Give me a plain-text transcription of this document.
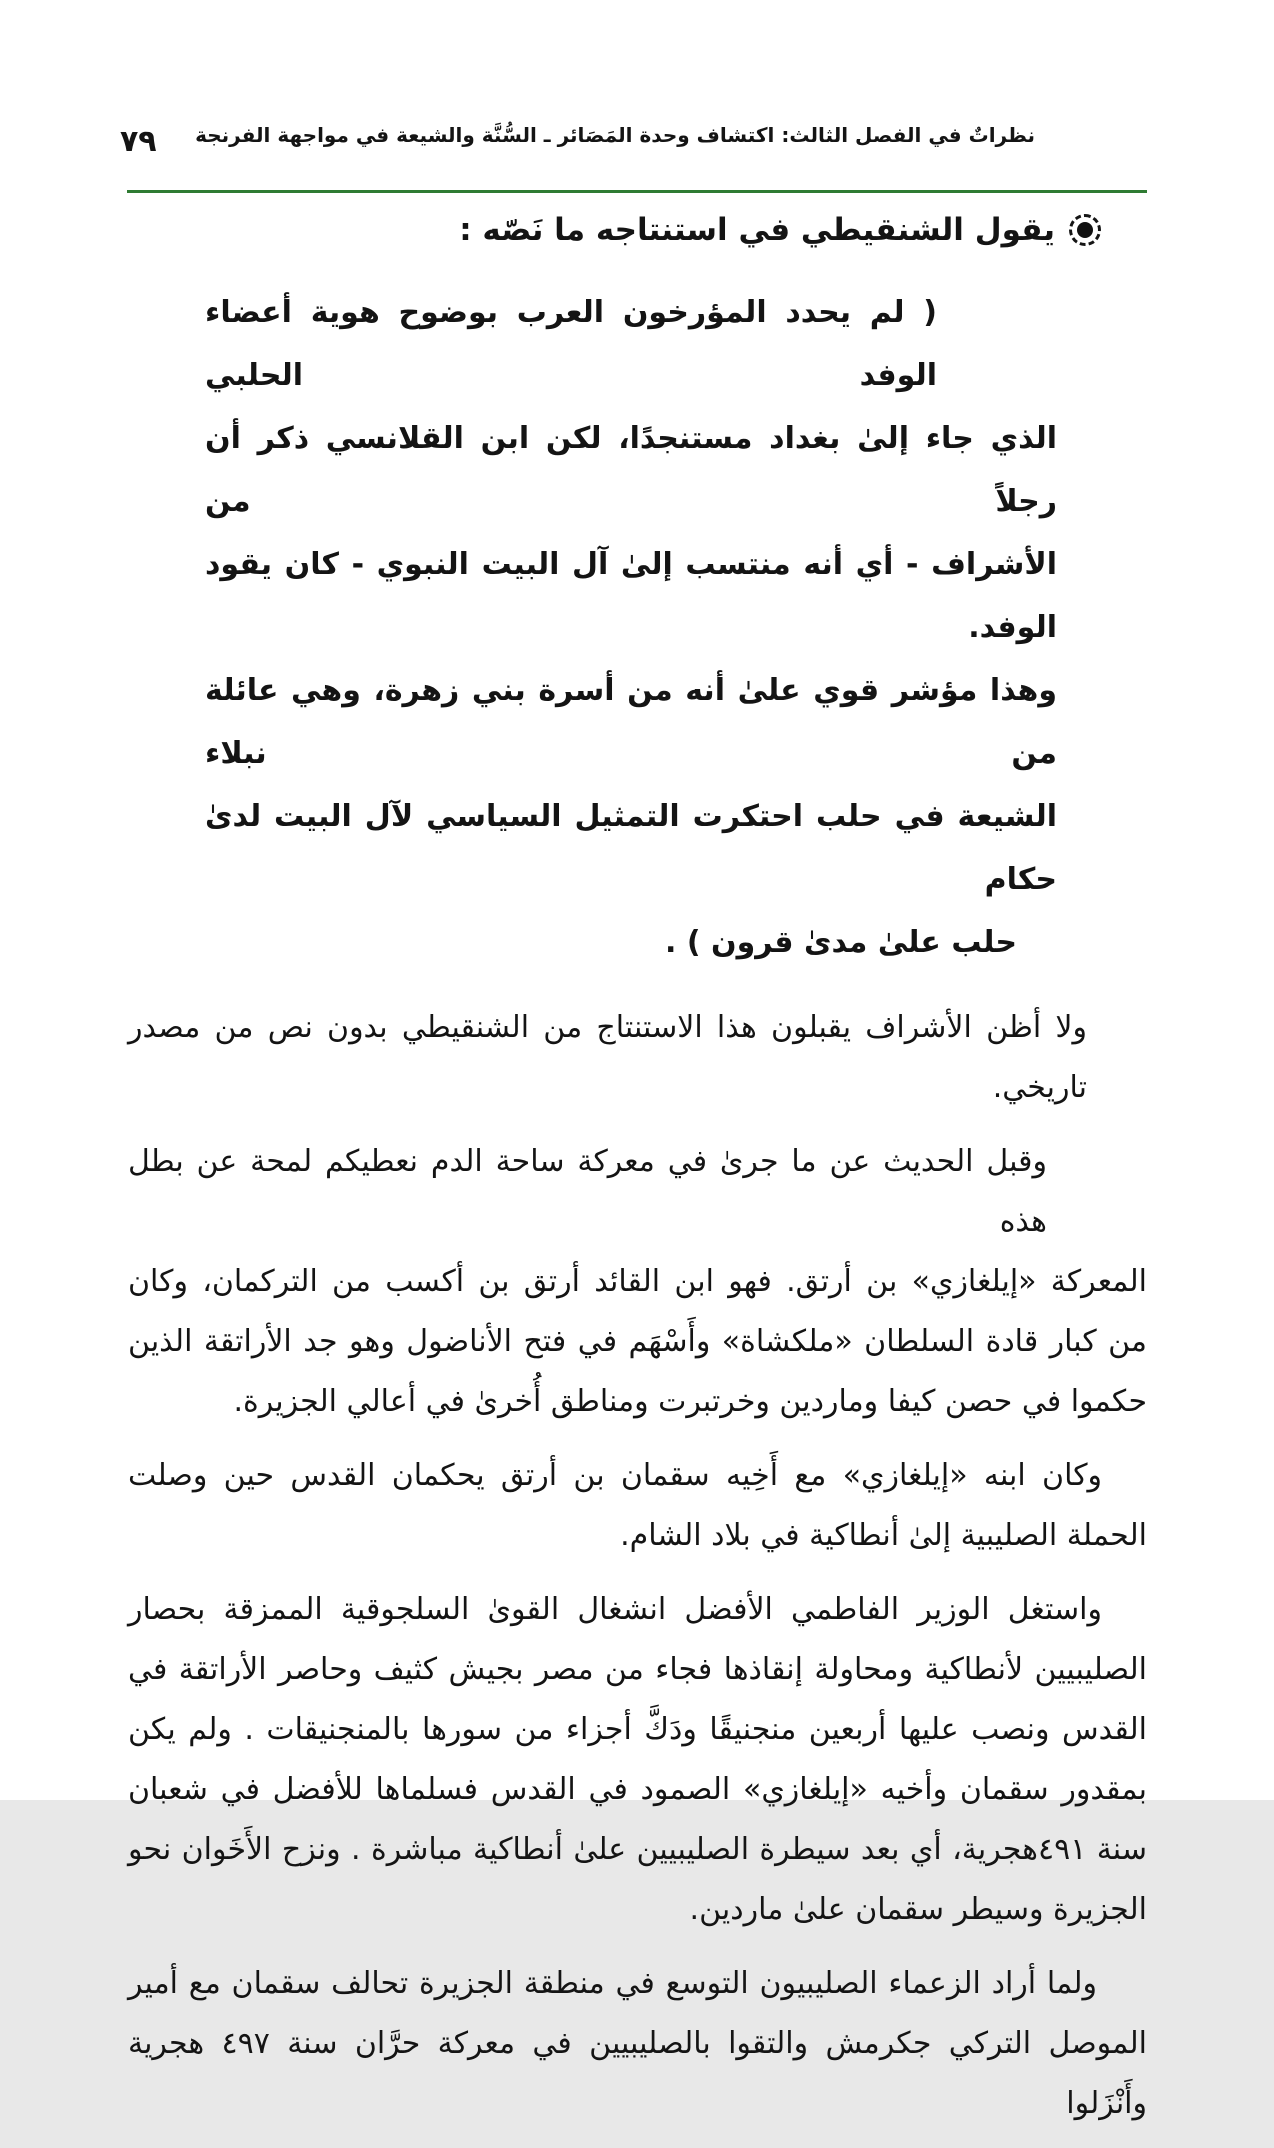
٧٩ نظراتٌ في الفصل الثالث: اكتشاف وحدة المَصَائر ـ السُّنَّة والشيعة في مواجهة الفرنجة
يقول الشنقيطي في استنتاجه ما نَصّه :
( لم يحدد المؤرخون العرب بوضوح هوية أعضاء الوفد الحلبي
الذي جاء إلىٰ بغداد مستنجدًا، لكن ابن القلانسي ذكر أن رجلاً من
الأشراف - أي أنه منتسب إلىٰ آل البيت النبوي - كان يقود الوفد.
وهذا مؤشر قوي علىٰ أنه من أسرة بني زهرة، وهي عائلة من نبلاء
الشيعة في حلب احتكرت التمثيل السياسي لآل البيت لدىٰ حكام
حلب علىٰ مدىٰ قرون ) .
ولا أظن الأشراف يقبلون هذا الاستنتاج من الشنقيطي بدون نص من مصدر تاريخي.
وقبل الحديث عن ما جرىٰ في معركة ساحة الدم نعطيكم لمحة عن بطل هذه
المعركة «إيلغازي» بن أرتق. فهو ابن القائد أرتق بن أكسب من التركمان، وكان
من كبار قادة السلطان «ملكشاة» وأَسْهَم في فتح الأناضول وهو جد الأراتقة الذين
حكموا في حصن كيفا وماردين وخرتبرت ومناطق أُخرىٰ في أعالي الجزيرة.
وكان ابنه «إيلغازي» مع أَخِيه سقمان بن أرتق يحكمان القدس حين وصلت
الحملة الصليبية إلىٰ أنطاكية في بلاد الشام.
واستغل الوزير الفاطمي الأفضل انشغال القوىٰ السلجوقية الممزقة بحصار
الصليبيين لأنطاكية ومحاولة إنقاذها فجاء من مصر بجيش كثيف وحاصر الأراتقة في
القدس ونصب عليها أربعين منجنيقًا ودَكَّ أجزاء من سورها بالمنجنيقات . ولم يكن
بمقدور سقمان وأخيه «إيلغازي» الصمود في القدس فسلماها للأفضل في شعبان
سنة ٤٩١هجرية، أي بعد سيطرة الصليبيين علىٰ أنطاكية مباشرة . ونزح الأَخَوان نحو
الجزيرة وسيطر سقمان علىٰ ماردين.
ولما أراد الزعماء الصليبيون التوسع في منطقة الجزيرة تحالف سقمان مع أمير
الموصل التركي جكرمش والتقوا بالصليبيين في معركة حرَّان سنة ٤٩٧ هجرية وأَنْزَلوا
